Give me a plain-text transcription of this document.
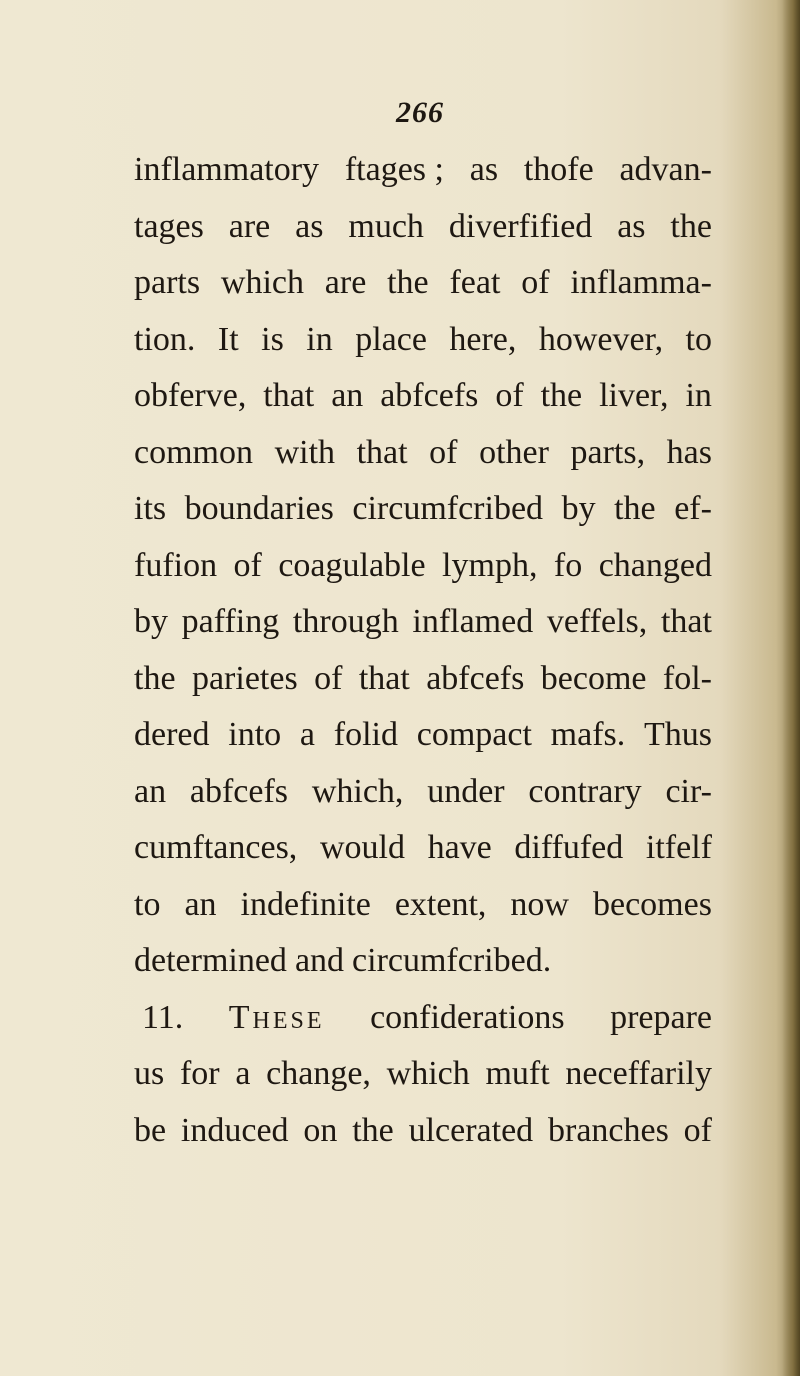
266
inflammatory ftages ; as thofe advan-
tages are as much diverfified as the
parts which are the feat of inflamma-
tion. It is in place here, however, to
obferve, that an abfcefs of the liver, in
common with that of other parts, has
its boundaries circumfcribed by the ef-
fufion of coagulable lymph, fo changed
by paffing through inflamed veffels, that
the parietes of that abfcefs become fol-
dered into a folid compact mafs. Thus
an abfcefs which, under contrary cir-
cumftances, would have diffufed itfelf
to an indefinite extent, now becomes
determined and circumfcribed.
11. These confiderations prepare
us for a change, which muft neceffarily
be induced on the ulcerated branches of
